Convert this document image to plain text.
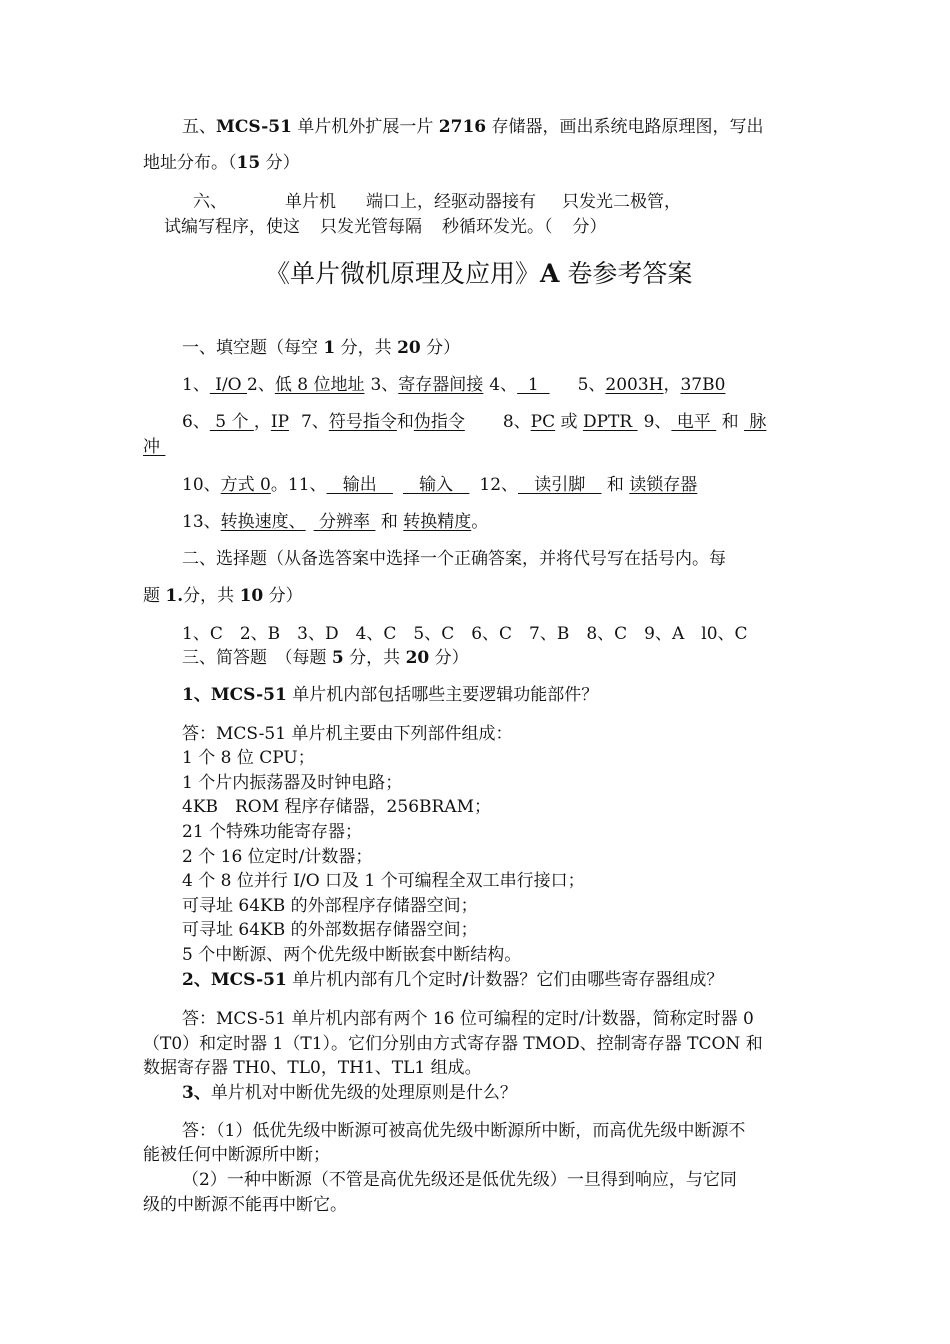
五、MCS-51 单片机外扩展一片 2716 存储器，画出系统电路原理图，写出
地址分布。（15 分）
六、	单片机 端口上，经驱动器接有 只发光二极管，
试编写程序，使这 只发光管每隔 秒循环发光。（ 分）
《单片微机原理及应用》A 卷参考答案
一、填空题（每空 1 分，共 20 分）
1、 I/O 2、低 8 位地址 3、寄存器间接 4、  1  5、2003H，37B0
6、 5 个 ，IP 7、符号指令和伪指令 8、PC 或 DPTR 9、 电平  和  脉
冲
10、方式 0。11、   输出      输入   12、   读引脚    和 读锁存器
13、转换速度、 分辨率  和 转换精度。
二、选择题（从备选答案中选择一个正确答案，并将代号写在括号内。每
题 1.分，共 10 分）
1、C　2、B　3、D　4、C　5、C　6、C　7、B　8、C　9、A　l0、C
三、简答题　（每题 5 分，共 20 分）
1、MCS-51 单片机内部包括哪些主要逻辑功能部件？
答：MCS-51 单片机主要由下列部件组成：
1 个 8 位 CPU；
1 个片内振荡器及时钟电路；
4KB　ROM 程序存储器，256BRAM；
21 个特殊功能寄存器；
2 个 16 位定时/计数器；
4 个 8 位并行 I/O 口及 1 个可编程全双工串行接口；
可寻址 64KB 的外部程序存储器空间；
可寻址 64KB 的外部数据存储器空间；
5 个中断源、两个优先级中断嵌套中断结构。
2、MCS-51 单片机内部有几个定时/计数器？它们由哪些寄存器组成？
答：MCS-51 单片机内部有两个 16 位可编程的定时/计数器，简称定时器 0
（T0）和定时器 1（T1）。它们分别由方式寄存器 TMOD、控制寄存器 TCON 和
数据寄存器 TH0、TL0，TH1、TL1 组成。
3、单片机对中断优先级的处理原则是什么？
答：（1）低优先级中断源可被高优先级中断源所中断，而高优先级中断源不
能被任何中断源所中断；
（2）一种中断源（不管是高优先级还是低优先级）一旦得到响应，与它同
级的中断源不能再中断它。
